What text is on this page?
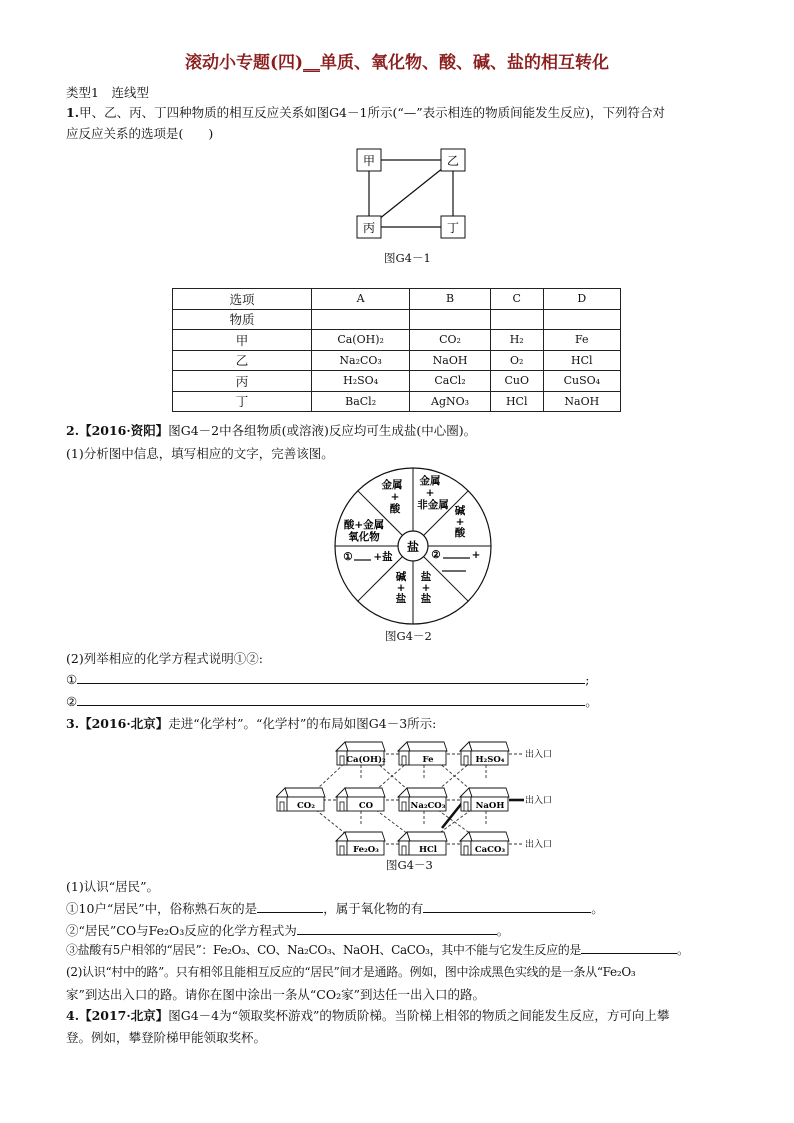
滚动小专题(四)__单质、氧化物、酸、碱、盐的相互转化
类型1　连线型
1.甲、乙、丙、丁四种物质的相互反应关系如图G4－1所示(“—”表示相连的物质间能发生反应)，下列符合对
应反应关系的选项是(　　)
甲	乙
丙	丁
图G4－1
选项	A	B	C	D
物质				
甲	Ca(OH)₂	CO₂	H₂	Fe
乙	Na₂CO₃	NaOH	O₂	HCl
丙	H₂SO₄	CaCl₂	CuO	CuSO₄
丁	BaCl₂	AgNO₃	HCl	NaOH
2.【2016·资阳】图G4－2中各组物质(或溶液)反应均可生成盐(中心圈)。
(1)分析图中信息，填写相应的文字，完善该图。
盐
金属
+
酸
金属
+
非金属 碱
+
酸
酸+金属
氧化物
① +盐	②	+
碱
+
盐
盐
+
盐
图G4－2
(2)列举相应的化学方程式说明①②:
①	;
②	。
3.【2016·北京】走进“化学村”。“化学村”的布局如图G4－3所示:
Ca(OH)₂	Fe	H₂SO₄
CO₂	CO	Na₂CO₃	NaOH
Fe₂O₃	HCl	CaCO₃
出入口
出入口
出入口
图G4－3
(1)认识“居民”。
①10户“居民”中，俗称熟石灰的是	，属于氧化物的有	。
②“居民”CO与Fe₂O₃反应的化学方程式为	。
③盐酸有5户相邻的“居民”：Fe₂O₃、CO、Na₂CO₃、NaOH、CaCO₃，其中不能与它发生反应的是	。
(2)认识“村中的路”。只有相邻且能相互反应的“居民”间才是通路。例如，图中涂成黑色实线的是一条从“Fe₂O₃
家”到达出入口的路。请你在图中涂出一条从“CO₂家”到达任一出入口的路。
4.【2017·北京】图G4－4为“领取奖杯游戏”的物质阶梯。当阶梯上相邻的物质之间能发生反应，方可向上攀
登。例如，攀登阶梯甲能领取奖杯。
